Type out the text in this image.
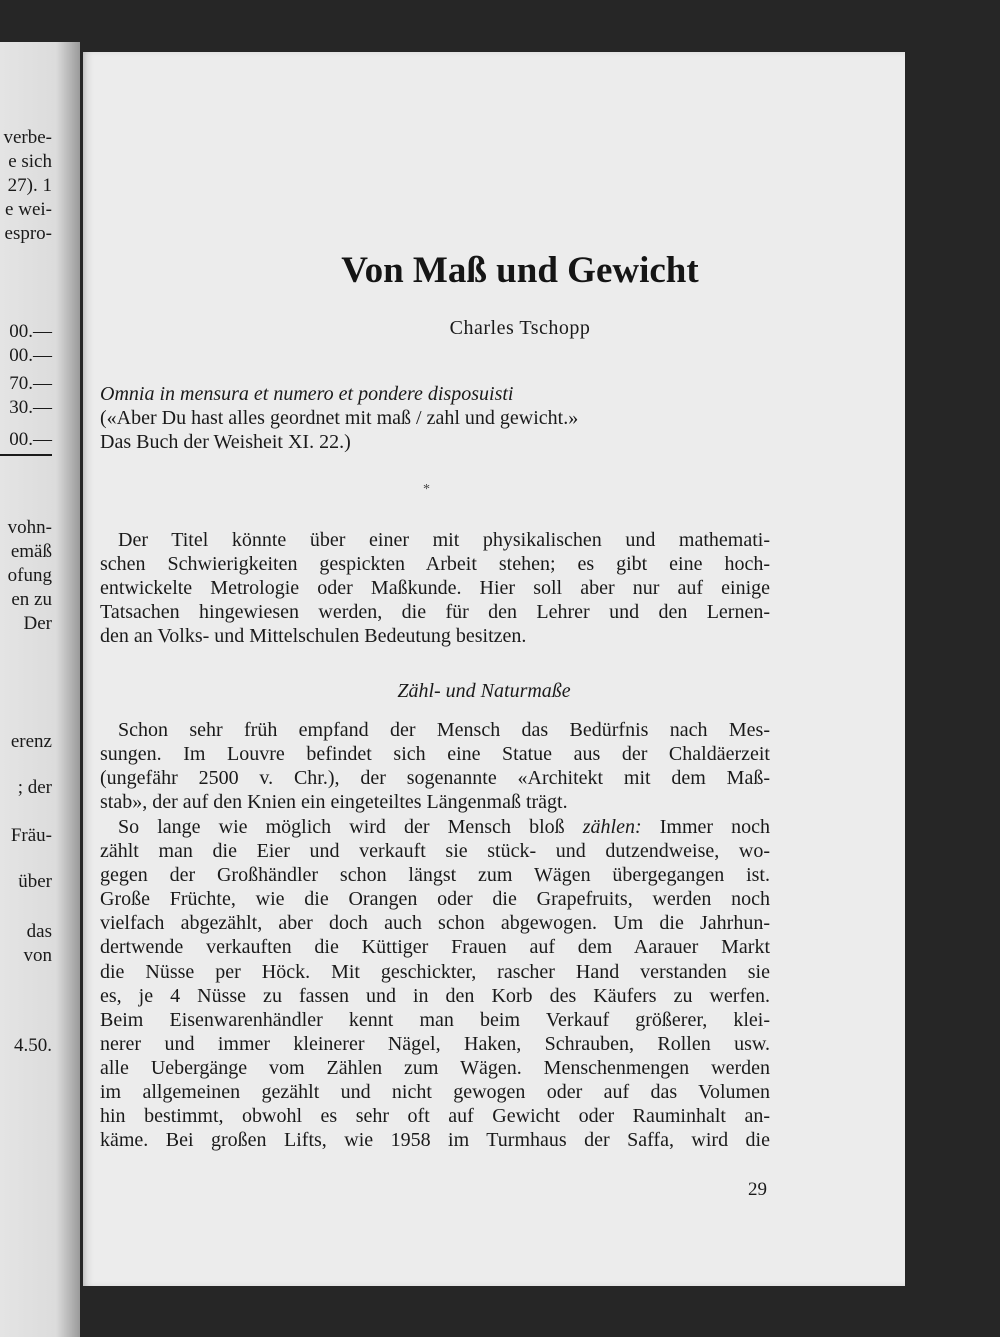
verbe-
e sich
27). 1
e wei-
espro-
00.—
00.—
70.—
30.—
00.—
vohn-
emäß
ofung
en zu
Der
erenz
; der
Fräu-
über
das
von
4.50.
Von Maß und Gewicht
Charles Tschopp
Omnia in mensura et numero et pondere disposuisti
(«Aber Du hast alles geordnet mit maß / zahl und gewicht.»
Das Buch der Weisheit XI. 22.)
*
Der Titel könnte über einer mit physikalischen und mathemati-
schen Schwierigkeiten gespickten Arbeit stehen; es gibt eine hoch-
entwickelte Metrologie oder Maßkunde. Hier soll aber nur auf einige
Tatsachen hingewiesen werden, die für den Lehrer und den Lernen-
den an Volks- und Mittelschulen Bedeutung besitzen.
Zähl- und Naturmaße
Schon sehr früh empfand der Mensch das Bedürfnis nach Mes-
sungen. Im Louvre befindet sich eine Statue aus der Chaldäerzeit
(ungefähr 2500 v. Chr.), der sogenannte «Architekt mit dem Maß-
stab», der auf den Knien ein eingeteiltes Längenmaß trägt.
So lange wie möglich wird der Mensch bloß zählen: Immer noch
zählt man die Eier und verkauft sie stück- und dutzendweise, wo-
gegen der Großhändler schon längst zum Wägen übergegangen ist.
Große Früchte, wie die Orangen oder die Grapefruits, werden noch
vielfach abgezählt, aber doch auch schon abgewogen. Um die Jahrhun-
dertwende verkauften die Küttiger Frauen auf dem Aarauer Markt
die Nüsse per Höck. Mit geschickter, rascher Hand verstanden sie
es, je 4 Nüsse zu fassen und in den Korb des Käufers zu werfen.
Beim Eisenwarenhändler kennt man beim Verkauf größerer, klei-
nerer und immer kleinerer Nägel, Haken, Schrauben, Rollen usw.
alle Uebergänge vom Zählen zum Wägen. Menschenmengen werden
im allgemeinen gezählt und nicht gewogen oder auf das Volumen
hin bestimmt, obwohl es sehr oft auf Gewicht oder Rauminhalt an-
käme. Bei großen Lifts, wie 1958 im Turmhaus der Saffa, wird die
29
